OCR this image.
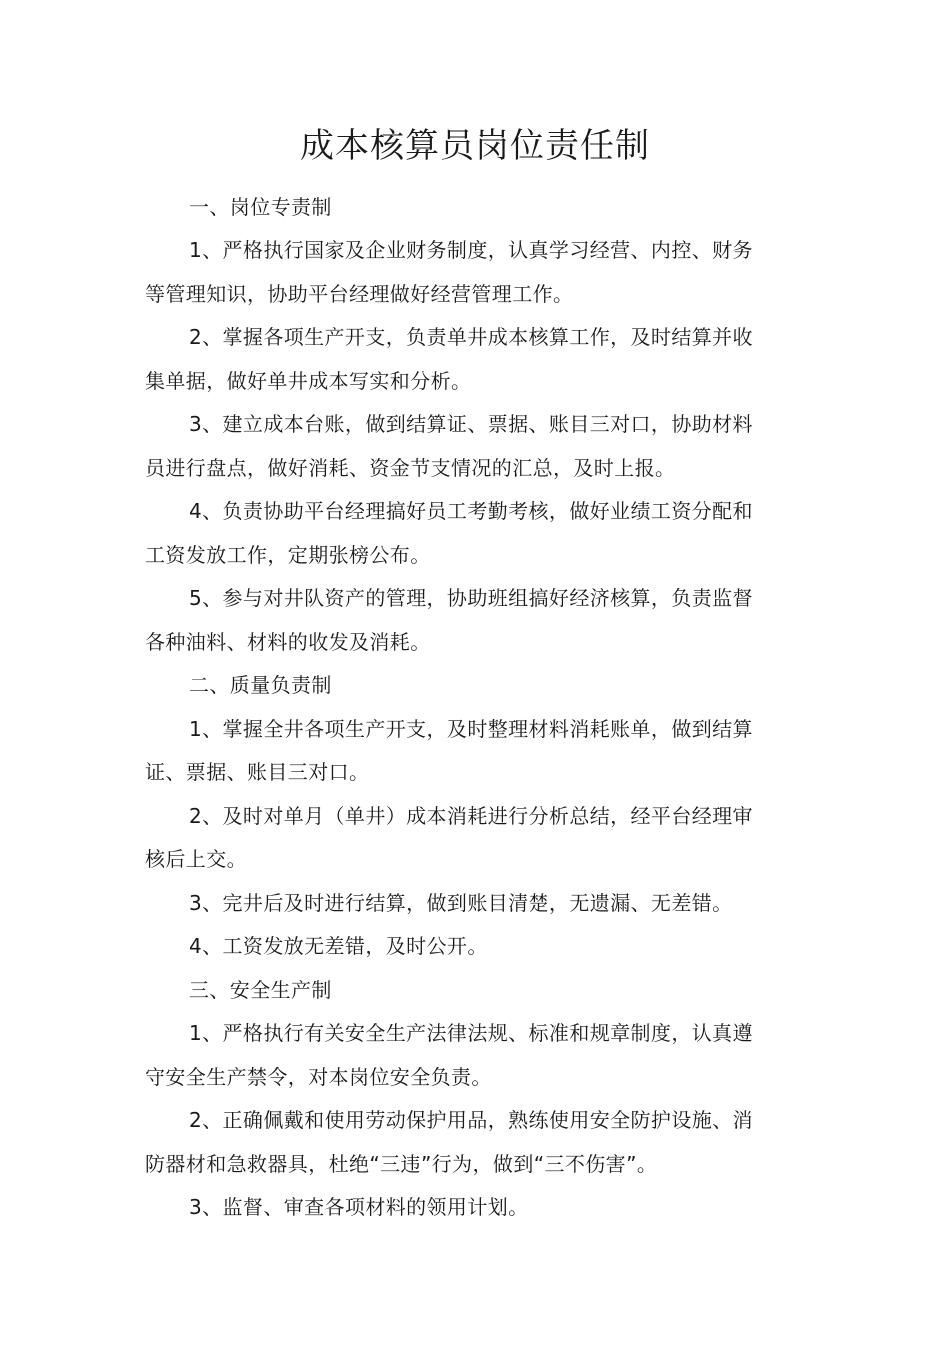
成本核算员岗位责任制
一、岗位专责制
1、严格执行国家及企业财务制度，认真学习经营、内控、财务
等管理知识，协助平台经理做好经营管理工作。
2、掌握各项生产开支，负责单井成本核算工作，及时结算并收
集单据，做好单井成本写实和分析。
3、建立成本台账，做到结算证、票据、账目三对口，协助材料
员进行盘点，做好消耗、资金节支情况的汇总，及时上报。
4、负责协助平台经理搞好员工考勤考核，做好业绩工资分配和
工资发放工作，定期张榜公布。
5、参与对井队资产的管理，协助班组搞好经济核算，负责监督
各种油料、材料的收发及消耗。
二、质量负责制
1、掌握全井各项生产开支，及时整理材料消耗账单，做到结算
证、票据、账目三对口。
2、及时对单月（单井）成本消耗进行分析总结，经平台经理审
核后上交。
3、完井后及时进行结算，做到账目清楚，无遗漏、无差错。
4、工资发放无差错，及时公开。
三、安全生产制
1、严格执行有关安全生产法律法规、标准和规章制度，认真遵
守安全生产禁令，对本岗位安全负责。
2、正确佩戴和使用劳动保护用品，熟练使用安全防护设施、消
防器材和急救器具，杜绝“三违”行为，做到“三不伤害”。
3、监督、审查各项材料的领用计划。
